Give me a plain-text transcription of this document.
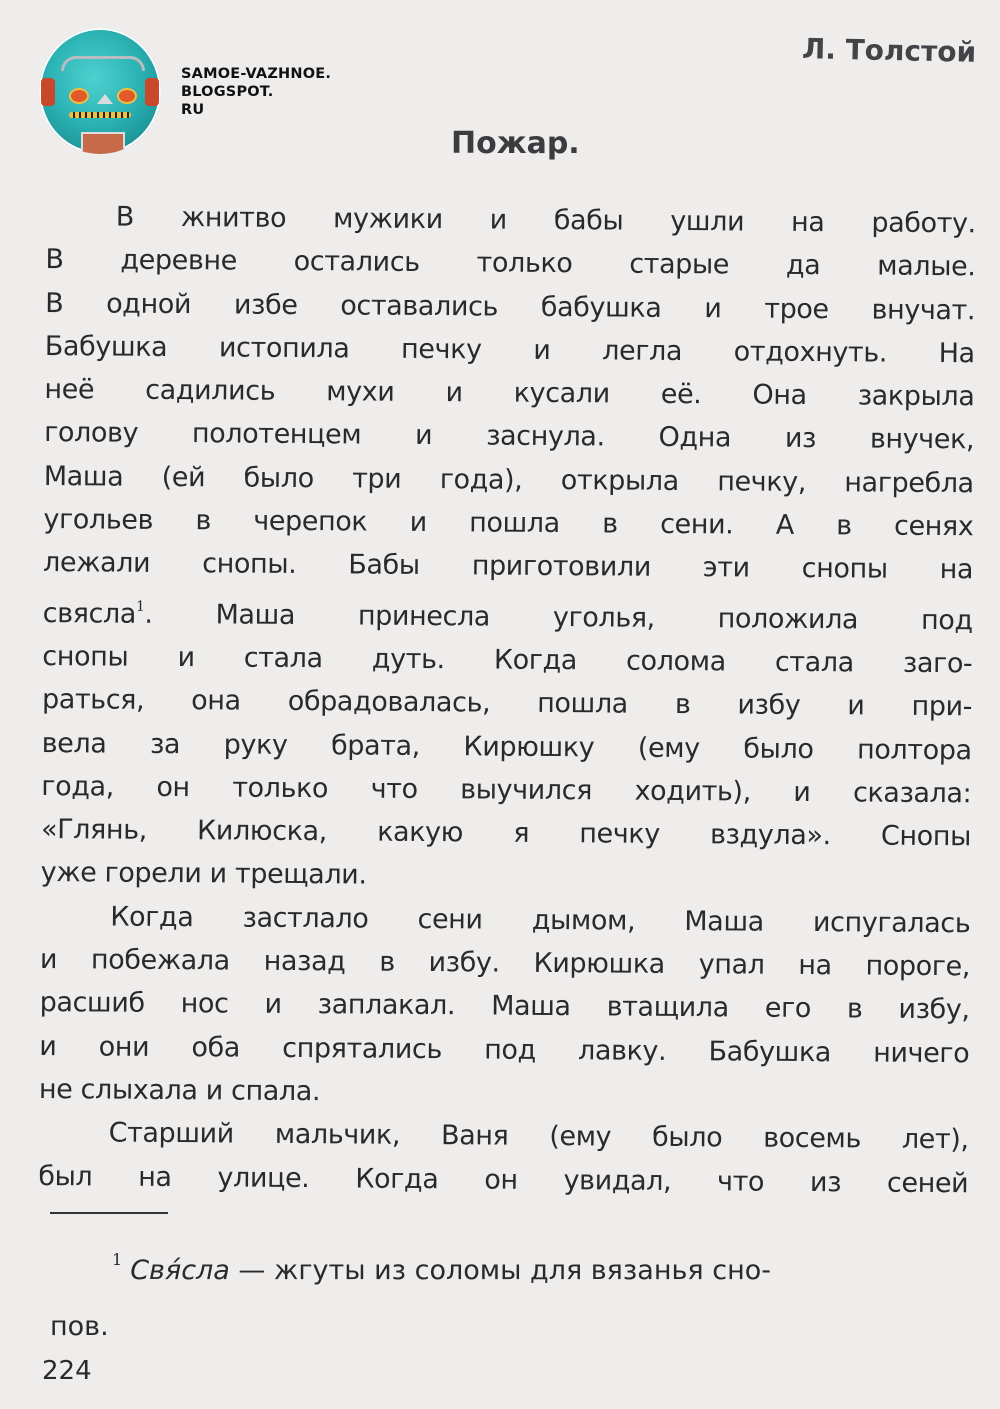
SAMOE-VAZHNOE.
BLOGSPOT.
RU
Л. Толстой
Пожар.
В жнитво мужики и бабы ушли на работу.
В деревне остались только старые да малые.
В одной избе оставались бабушка и трое внучат.
Бабушка истопила печку и легла отдохнуть. На
неё садились мухи и кусали её. Она закрыла
голову полотенцем и заснула. Одна из внучек,
Маша (ей было три года), открыла печку, нагребла
угольев в черепок и пошла в сени. А в сенях
лежали снопы. Бабы приготовили эти снопы на
свясла$^1$. Маша принесла уголья, положила под
снопы и стала дуть. Когда солома стала заго-
раться, она обрадовалась, пошла в избу и при-
вела за руку брата, Кирюшку (ему было полтора
года, он только что выучился ходить), и сказала:
«Глянь, Килюска, какую я печку вздула». Снопы
уже горели и трещали.
Когда застлало сени дымом, Маша испугалась
и побежала назад в избу. Кирюшка упал на пороге,
расшиб нос и заплакал. Маша втащила его в избу,
и они оба спрятались под лавку. Бабушка ничего
не слыхала и спала.
Старший мальчик, Ваня (ему было восемь лет),
был на улице. Когда он увидал, что из сеней
$^1$ Свя́сла — жгуты из соломы для вязанья сно-
пов.
224
